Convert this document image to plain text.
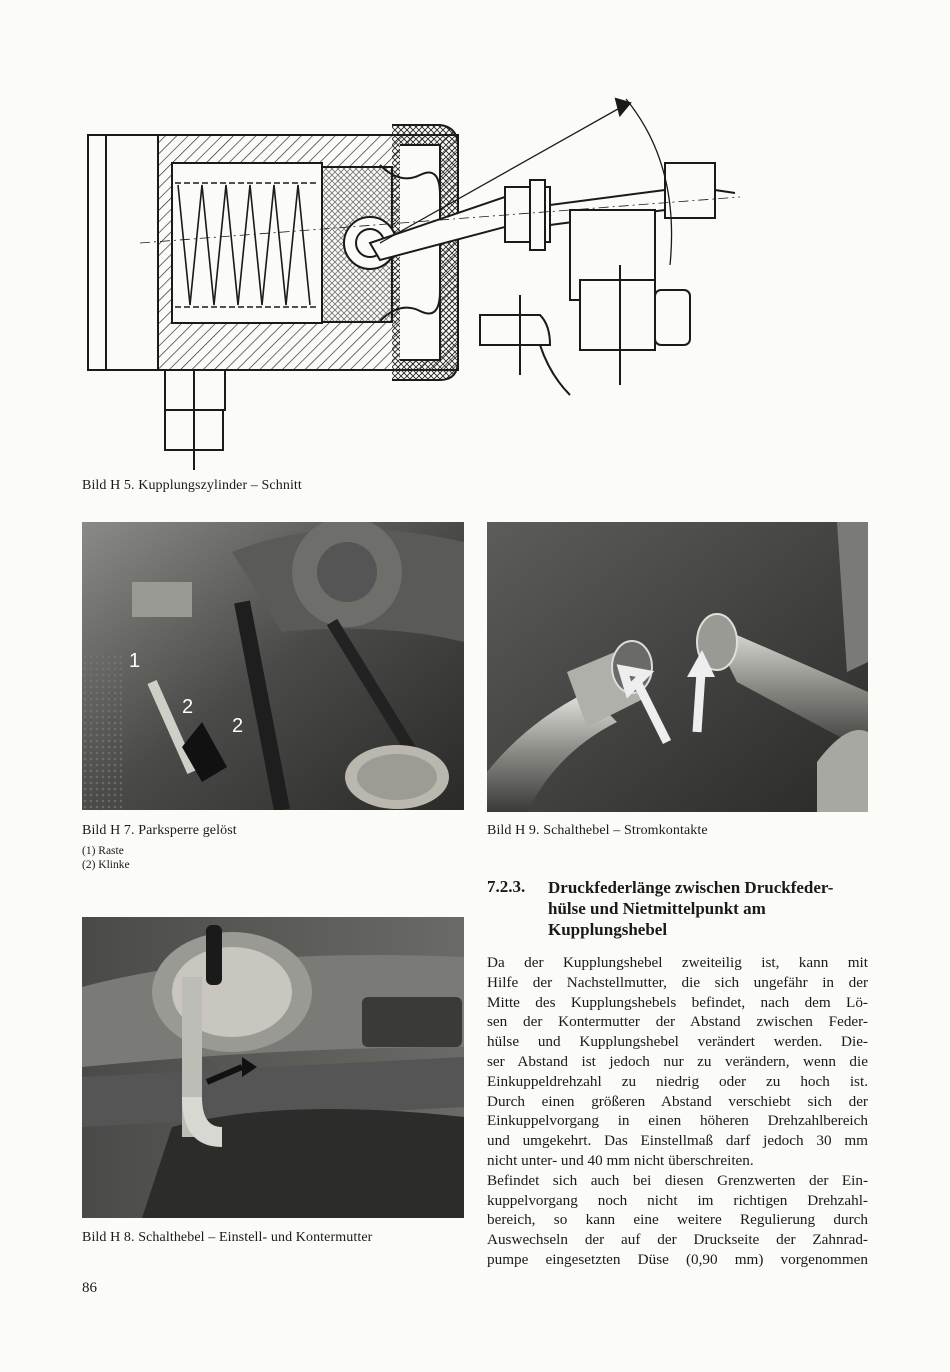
Bild H 5. Kupplungszylinder – Schnitt
1
2
2
Bild H 7. Parksperre gelöst
(1) Raste
(2) Klinke
Bild H 9. Schalthebel – Stromkontakte
7.2.3. Druckfederlänge zwischen Druckfeder-
hülse und Nietmittelpunkt am
Kupplungshebel
Bild H 8. Schalthebel – Einstell- und Kontermutter

Da der Kupplungshebel zweiteilig ist, kann mit

Hilfe der Nachstellmutter, die sich ungefähr in der

Mitte des Kupplungshebels befindet, nach dem Lö-

sen der Kontermutter der Abstand zwischen Feder-

hülse und Kupplungshebel verändert werden. Die-

ser Abstand ist jedoch nur zu verändern, wenn die

Einkuppeldrehzahl zu niedrig oder zu hoch ist.

Durch einen größeren Abstand verschiebt sich der

Einkuppelvorgang in einen höheren Drehzahlbereich

und umgekehrt. Das Einstellmaß darf jedoch 30 mm

nicht unter- und 40 mm nicht überschreiten.

Befindet sich auch bei diesen Grenzwerten der Ein-

kuppelvorgang noch nicht im richtigen Drehzahl-

bereich, so kann eine weitere Regulierung durch

Auswechseln der auf der Druckseite der Zahnrad-

pumpe eingesetzten Düse (0,90 mm) vorgenommen

86
